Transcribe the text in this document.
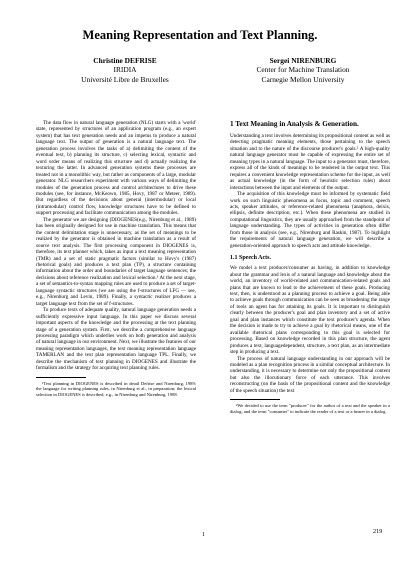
Meaning Representation and Text Planning.
Christine DEFRISE
IRIDIA
Université Libre de Bruxelles
Sergei NIRENBURG
Center for Machine Translation
Carnegie Mellon University

The data flow in natural language generation (NLG) starts with a 'world' state, represented by structures of an application program (e.g., an expert system) that has text generation needs and an impetus to produce a natural language text. The output of generation is a natural language text. The generation process involves the tasks of a) delimiting the content of the eventual text, b) planning its structure, c) selecting lexical, syntactic and word order means of realizing this structure and d) actually realizing the texturing the latter. In advanced generation systems these processes are treated not in a monolithic way, but rather as components of a large, modular generator. NLG researchers experiment with various ways of delimiting the modules of the generation process and control architectures to drive these modules (see, for instance, McKeown, 1985, Hovy, 1987 or Meteer, 1989). But regardless of the decisions about general (intermodular) or local (intramodular) control flow, knowledge structures have to be defined to support processing and facilitate communication among the modules.

The generator we are designing (DIOGENES(e.g., Nirenburg et al., 1989) has been originally designed for use in machine translation. This means that the content delimitation stage is unnecessary, as the set of meanings to be realized by the generator is obtained in machine translation as a result of source text analysis. The first processing component in DIOGENES is, therefore, its text planner which, takes as input a text meaning representation (TMR) and a set of static pragmatic factors (similar to Hovy's (1987) rhetorical goals) and produces a text plan (TP), a structure containing information about the order and boundaries of target language sentences; the decisions about reference realization and lexical selection.¹ At the next stage, a set of semantics-to-syntax mapping rules are used to produce a set of target-language syntactic structures (we are using the f-structures of LFG — see, e.g., Nirenburg and Levin, 1989). Finally, a syntactic realizer produces a target language text from the set of f-structures.

To produce texts of adequate quality, natural language generation needs a sufficiently expressive input language. In this paper we discuss several important aspects of the knowledge and the processing at the text planning stage of a generation system. First, we describe a comprehensive language processing paradigm which underlies work on both generation and analysis of natural language in our environment. Next, we illustrate the features of our meaning representation languages, the text meaning representation language TAMERLAN and the text plan representation language TPL. Finally, we describe the mechanism of text planning in DIOGENES and illustrate the formalism and the strategy for acquiring text planning rules.

¹Text planning in DIOGENES is described in detail Defrise and Nirenburg, 1989; the language for writing planning rules, in Nirenburg et al., in preparation; the lexical selection in DIOGENES is described, e.g., in Nirenburg and Nirenburg, 1988.

1 Text Meaning in Analysis & Generation.

Understanding a text involves determining its propositional content as well as detecting pragmatic meaning elements, those pertaining to the speech situation and to the nature of the discourse producer's goals.² A high-quality natural language generator must be capable of expressing the entire set of meaning types in a natural language. The input to a generator must, therefore, express all of the kinds of meanings to be rendered in the output text. This requires a convenient knowledge representation scheme for the input, as well as actual knowledge (in the form of heuristic selection rules) about interactions between the input and elements of the output.

The acquisition of this knowledge must be informed by systematic field work on such linguistic phenomena as focus, topic and comment, speech acts, speaker attitudes, or reference-related phenomena (anaphora, deixis, ellipsis, definite description, etc.). When these phenomena are studied in computational linguistics, they are usually approached from the standpoint of language understanding. The types of activities in generation often differ from those in analysis (see, e.g., Nirenburg and Raskin, 1987). To highlight the requirements of natural language generation, we will describe a generation-oriented approach to speech acts and attitude knowledge.

1.1 Speech Acts.

We model a text producer/consumer as having, in addition to knowledge about the grammar and lexis of a natural language and knowledge about the world, an inventory of world-related and communication-related goals and plans that are known to lead to the achievement of these goals. Producing text, then, is understood as a planning process to achieve a goal. Being able to achieve goals through communication can be seen as broadening the range of tools an agent has for attaining its goals. It is important to distinguish clearly between the producer's goal and plan inventory and a set of active goal and plan instances which constitute the text producer's agenda. When the decision is made to try to achieve a goal by rhetorical means, one of the available rhetorical plans corresponding to this goal is selected for processing. Based on knowledge recorded in this plan structure, the agent produces a text, languagedependent, structure, a text plan, as an intermediate step in producing a text.

The process of natural language understanding in our approach will be modeled as a plan recognition process in a similar conceptual architecture. In understanding, it is necessary to determine not only the propositional content but also the illocutionary force of each utterance. This involves reconstructing (on the basis of the propositional content and the knowledge of the speech situation) the text

²We decided to use the term "producer" for the author of a text and the speaker in a dialog; and the term "consumer" to indicate the reader of a text or a hearer in a dialog.

1	219
